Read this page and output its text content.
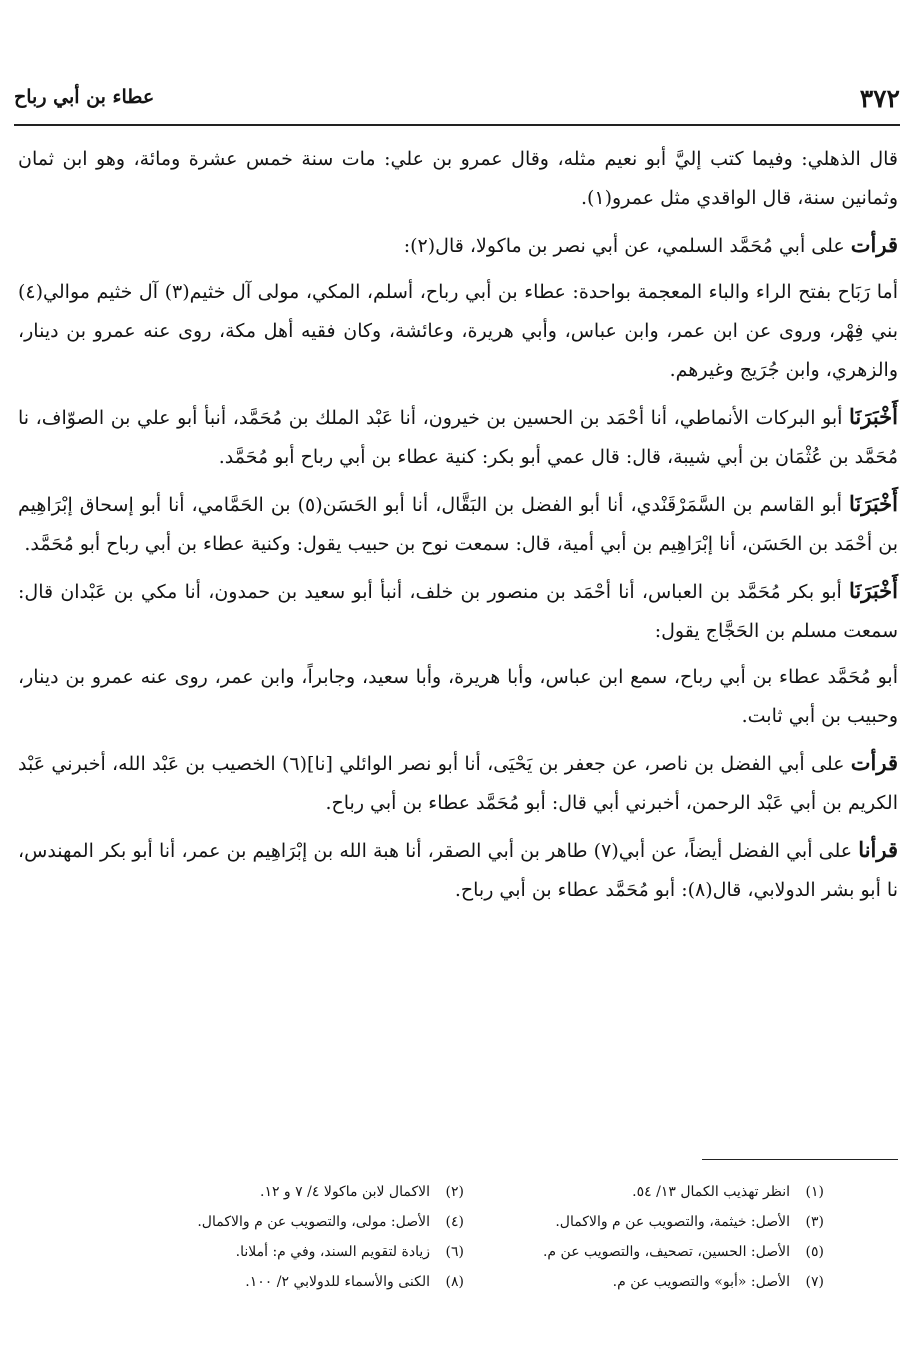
٣٧٢
عطاء بن أبي رباح

قال الذهلي: وفيما كتب إليَّ أبو نعيم مثله، وقال عمرو بن علي: مات سنة خمس عشرة ومائة، وهو ابن ثمان وثمانين سنة، قال الواقدي مثل عمرو(١).

قرأت على أبي مُحَمَّد السلمي، عن أبي نصر بن ماكولا، قال(٢):

أما رَبَاح بفتح الراء والباء المعجمة بواحدة: عطاء بن أبي رباح، أسلم، المكي، مولى آل خثيم(٣) آل خثيم موالي(٤) بني فِهْر، وروى عن ابن عمر، وابن عباس، وأبي هريرة، وعائشة، وكان فقيه أهل مكة، روى عنه عمرو بن دينار، والزهري، وابن جُرَيج وغيرهم.

أَخْبَرَنَا أبو البركات الأنماطي، أنا أحْمَد بن الحسين بن خيرون، أنا عَبْد الملك بن مُحَمَّد، أنبأ أبو علي بن الصوّاف، نا مُحَمَّد بن عُثْمَان بن أبي شيبة، قال: قال عمي أبو بكر: كنية عطاء بن أبي رباح أبو مُحَمَّد.

أَخْبَرَنَا أبو القاسم بن السَّمَرْقَنْدي، أنا أبو الفضل بن البَقَّال، أنا أبو الحَسَن(٥) بن الحَمَّامي، أنا أبو إسحاق إبْرَاهِيم بن أحْمَد بن الحَسَن، أنا إبْرَاهِيم بن أبي أمية، قال: سمعت نوح بن حبيب يقول: وكنية عطاء بن أبي رباح أبو مُحَمَّد.

أَخْبَرَنَا أبو بكر مُحَمَّد بن العباس، أنا أحْمَد بن منصور بن خلف، أنبأ أبو سعيد بن حمدون، أنا مكي بن عَبْدان قال: سمعت مسلم بن الحَجَّاج يقول:

أبو مُحَمَّد عطاء بن أبي رباح، سمع ابن عباس، وأبا هريرة، وأبا سعيد، وجابراً، وابن عمر، روى عنه عمرو بن دينار، وحبيب بن أبي ثابت.

قرأت على أبي الفضل بن ناصر، عن جعفر بن يَحْيَى، أنا أبو نصر الوائلي [نا](٦) الخصيب بن عَبْد الله، أخبرني عَبْد الكريم بن أبي عَبْد الرحمن، أخبرني أبي قال: أبو مُحَمَّد عطاء بن أبي رباح.

قرأنا على أبي الفضل أيضاً، عن أبي(٧) طاهر بن أبي الصقر، أنا هبة الله بن إبْرَاهِيم بن عمر، أنا أبو بكر المهندس، نا أبو بشر الدولابي، قال(٨): أبو مُحَمَّد عطاء بن أبي رباح.

(١)انظر تهذيب الكمال ١٣/ ٥٤.
(٢)الاكمال لابن ماكولا ٤/ ٧ و ١٢.
(٣)الأصل: خيثمة، والتصويب عن م والاكمال.
(٤)الأصل: مولى، والتصويب عن م والاكمال.
(٥)الأصل: الحسين، تصحيف، والتصويب عن م.
(٦)زيادة لتقويم السند، وفي م: أملانا.
(٧)الأصل: «أبو» والتصويب عن م.
(٨)الكنى والأسماء للدولابي ٢/ ١٠٠.
